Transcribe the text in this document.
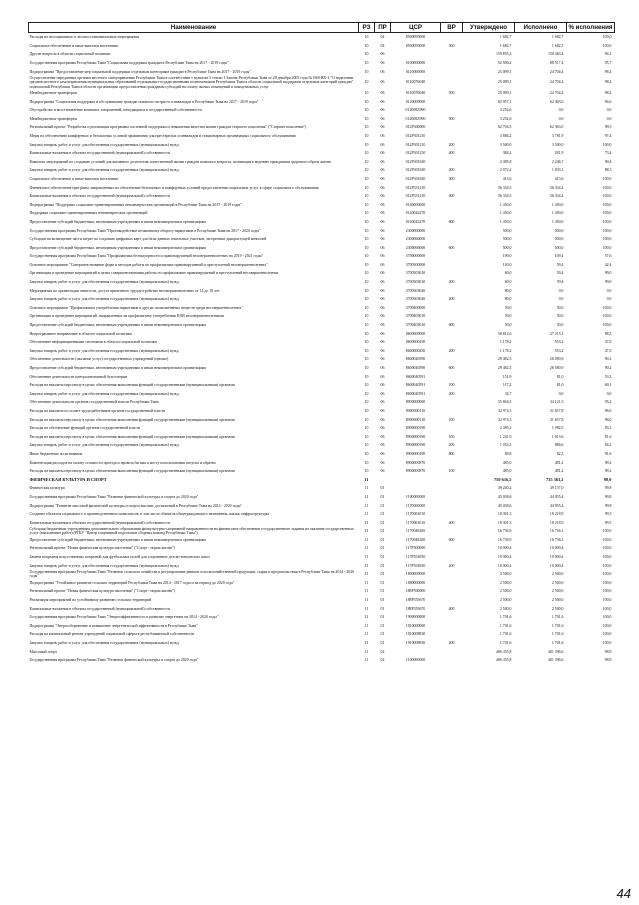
Наименование	РЗ	ПР	ЦСР	ВР	Утверждено	Исполнено	% исполнения
Расходы на несоциальные и лесовосстановительные мероприятия	10	04	8500095000		1 682,7	1 682,7	100,0
Социальное обеспечение и иные выплаты населению	10	04	8500095000	300	1 682,7	1 682,7	100,0
Другие вопросы в области социальной политики	10	06			159 853,3	150 463,4	94,1
Государственная программа Республики Тыва "Социальная поддержка граждан в Республике Тыва на 2017 - 2019 годы"	10	06	0100000000		92 506,2	88 517,4	95,7
Подпрограмма "Предоставление мер социальной поддержки отдельным категориям граждан в Республике Тыва на 2017 - 2019 годы"	10	06	0110000000		25 099,1	24 704,4	98,4
Осуществление переданных органам местного самоуправления Республики Тыва в соответствии с пунктом 3 статьи 1 Закона Республики Тыва от 28 декабря 2005 года №1560 ВХ-1 "О наделении органов местного самоуправления муниципальных образований отдельными государственными полномочиями Республики Тыва в области социальной поддержки отдельных категорий граждан" полномочий Республики Тыва в области организации предоставления гражданам субсидий на оплату жилых помещений и коммунальных услуг	10	06	0110076040		25 099,1	24 704,4	98,4
Межбюджетные трансферты	10	06	0110076040	500	25 099,1	24 704,4	98,4
Подпрограмма "Социальная поддержка и обслуживание граждан пожилого возраста и инвалидов в Республике Тыва на 2017 - 2019 годы"	10	06	0120000000		65 957,1	62 363,0	94,6
Обустройство и восстановление воинских захоронений, находящихся в государственной собственности	10	06	012008Z990		3 252,6	0,0	0,0
Межбюджетные трансферты	10	06	012008Z990	500	3 252,6	0,0	0,0
Региональный проект "Разработка и реализация программы системной поддержки и повышения качества жизни граждан старшего поколения" ("Старшее поколение")	10	06	012P300000		62 704,5	62 363,0	99,5
Меры по обеспечению комфортных и безопасных условий проживания для престарелых и инвалидов в стационарных организациях социального обслуживания	10	06	012P301210		3 884,2	3 781,9	97,4
Закупка товаров, работ и услуг для обеспечения государственных (муниципальных) нужд	10	06	012P301210	200	3 500,0	3 500,0	100,0
Капитальные вложения в объекты государственной (муниципальной) собственности	10	06	012P301210	400	384,2	281,9	73,4
Комплекс мероприятий по созданию условий для активного долголетия, качественной жизни граждан пожилого возраста, мотивации к ведению гражданами здорового образа жизни	10	06	012P301630		2 485,8	2 246,7	90,4
Закупка товаров, работ и услуг для обеспечения государственных (муниципальных) нужд	10	06	012P301630	200	2 072,2	1 833,1	88,5
Социальное обеспечение и иные выплаты населению	10	06	012P301630	300	413,6	413,6	100,0
Финансовое обеспечение программ, направленных на обеспечение безопасных и комфортных условий предоставления социальных услуг в сфере социального обслуживания	10	06	012P351210		56 334,5	56 334,4	100,0
Капитальные вложения в объекты государственной (муниципальной) собственности	10	06	012P351210	400	56 334,5	56 334,4	100,0
Подпрограмма "Поддержка социально-ориентированных некоммерческих организаций в Республике Тыва на 2017 - 2019 годы"	10	06	0140000000		1 450,0	1 450,0	100,0
Поддержка социально-ориентированных некоммерческих организаций	10	06	0140042270		1 450,0	1 450,0	100,0
Предоставление субсидий бюджетным, автономным учреждениям и иным некоммерческим организациям	10	06	0140042270	600	1 450,0	1 450,0	100,0
Государственная программа Республики Тыва "Противодействие незаконному обороту наркотиков в Республике Тыва на 2017 - 2020 годы"	10	06	2300000000		500,0	500,0	100,0
Субсидии на возмещение части затрат по созданию цифровых карт для базы данных земельных участков, засоренных дикорастущей коноплей	10	06	2300066000		500,0	500,0	100,0
Предоставление субсидий бюджетным, автономным учреждениям и иным некоммерческим организациям	10	06	2300066000	600	500,0	500,0	100,0
Государственная программа Республики Тыва "Профилактика безнадзорности и правонарушений несовершеннолетних на 2019 - 2021 годы"	10	06	3700000000		190,0	109,4	57,6
Основное мероприятие "Совершенствование форм и методов работы по профилактике правонарушений и преступлений несовершеннолетних"	10	06	3700300000		140,0	59,4	42,4
Организация и проведение мероприятий в целях совершенствования работы по профилактике правонарушений и преступлений несовершеннолетних	10	06	3700303010		60,0	59,4	99,0
Закупка товаров, работ и услуг для обеспечения государственных (муниципальных) нужд	10	06	3700303010	200	60,0	59,4	99,0
Мероприятия по организации занятости, досуга временного трудоустройства несовершеннолетних от 14 до 18 лет	10	06	3700303040		80,0	0,0	0,0
Закупка товаров, работ и услуг для обеспечения государственных (муниципальных) нужд	10	06	3700303040	200	80,0	0,0	0,0
Основное мероприятие "Профилактика употребления наркотиков и других психоактивных веществ среди несовершеннолетних"	10	06	3700400000		50,0	50,0	100,0
Организация и проведение мероприятий, направленных на профилактику употребления ПАВ несовершеннолетними	10	06	3700403010		50,0	50,0	100,0
Предоставление субсидий бюджетным, автономным учреждениям и иным некоммерческим организациям	10	06	3700403010	600	50,0	50,0	100,0
Непрограммное направление в области социальной политики	10	06	8600000000		30 812,6	27 215,1	88,3
Обеспечение информационными системами в области социальной политики	10	06	8600000250		1 178,2	553,2	47,0
Закупка товаров, работ и услуг для обеспечения государственных (муниципальных) нужд	10	06	8600000250	200	1 178,2	553,2	47,0
Обеспечение деятельности (оказание услуг) государственных учреждений (прочие)	10	06	8600040590		29 482,5	26 580,9	90,2
Предоставление субсидий бюджетным, автономным учреждениям и иным некоммерческим организациям	10	06	8600040590	600	29 482,5	26 580,9	90,2
Обеспечение деятельности централизованной бухгалтерии	10	06	8600040591		151,9	81,0	53,3
Расходы на выплаты персоналу в целях обеспечения выполнения функций государственными (муниципальными) органами	10	06	8600040591	100	117,2	81,0	69,1
Закупка товаров, работ и услуг для обеспечения государственных (муниципальных) нужд	10	06	8600040591	200	34,7	0,0	0,0
Обеспечение деятельности органов государственной власти Республики Тыва	10	06	8900000000		35 844,5	34 121,5	95,2
Расходы на выплаты по оплате труда работников органов государственной власти	10	06	8900000110		32 974,3	31 657,8	96,0
Расходы на выплаты персоналу в целях обеспечения выполнения функций государственными (муниципальными) органами	10	06	8900000110	100	32 974,3	31 657,8	96,0
Расходы на обеспечение функций органов государственной власти	10	06	8900000190		2 385,2	1 982,5	83,1
Расходы на выплаты персоналу в целях обеспечения выполнения функций государственными (муниципальными) органами	10	06	8900000190	100	1 241,9	1 013,6	81,6
Закупка товаров, работ и услуг для обеспечения государственных (муниципальных) нужд	10	06	8900000190	200	1 053,5	886,6	84,2
Иные бюджетные ассигнования	10	06	8900000190	800	89,8	82,3	91,6
Компенсация расходов на оплату стоимости проезда и провоза багажа к месту использования отпуска и обратно	10	06	8900000870		485,0	481,2	99,2
Расходы на выплаты персоналу в целях обеспечения выполнения функций государственными (муниципальными) органами	10	06	8900000870	100	485,0	481,2	99,2
ФИЗИЧЕСКАЯ КУЛЬТУРА И СПОРТ	11				750 616,5	735 363,2	98,0
Физическая культура	11	01			49 240,2	49 157,0	99,8
Государственная программа Республики Тыва "Развитие физической культуры и спорта до 2020 года"	11	01	1100000000		45 038,6	44 955,4	99,8
Подпрограмма "Развитие массовой физической культуры и спорта высших достижений в Республике Тыва на 2014 - 2020 годы"	11	01	1170000000		45 038,6	44 955,4	99,8
Создание объектов социального и производственного комплексов, в том числе объектов общегражданского назначения, жилья, инфраструктуры	11	01	1170003010		18 301,3	18 218,9	99,5
Капитальные вложения в объекты государственной (муниципальной) собственности	11	01	1170003010	400	18 301,3	18 218,9	99,5
Субсидия бюджетным учреждениям дополнительного образования физкультурно-спортивной направленности на финансовое обеспечение государственного задания на оказание государственных услуг (выполнение работ) (РГБУ "Центр спортивной подготовки сборных команд Республики Тыва")	11	01	1170048200		16 736,9	16 736,1	100,0
Предоставление субсидий бюджетным, автономным учреждениям и иным некоммерческим организациям	11	01	1170048200	600	16 736,9	16 736,1	100,0
Региональный проект "Новая физическая культура населения" ("Спорт - норма жизни")	11	01	117Р500000		10 000,4	10 000,4	100,0
Замена покрытия искусственных покрытий для футбольных полей для спортивных детско-юношеских школ	11	01	117Р554950		10 000,4	10 000,4	100,0
Закупка товаров, работ и услуг для обеспечения государственных (муниципальных) нужд	11	01	117Р554950	200	10 000,4	10 000,4	100,0
Государственная программа Республики Тыва "Развитие сельского хозяйства и регулирование рынков сельскохозяйственной продукции, сырья и продовольствия в Республике Тыва на 2014 - 2020 годы"	11	01	1800000000		2 500,0	2 500,0	100,0
Подпрограмма "Устойчивое развитие сельских территорий Республики Тыва на 2014 - 2017 годы и на период до 2020 года"	11	01	1880000000		2 500,0	2 500,0	100,0
Региональный проект "Новая физическая культура населения" ("Спорт - норма жизни")	11	01	188Р500000		2 500,0	2 500,0	100,0
Реализация мероприятий по устойчивому развитию сельских территорий	11	01	188Р555670		2 500,0	2 500,0	100,0
Капитальные вложения в объекты государственной (муниципальной) собственности	11	01	188Р555670	400	2 500,0	2 500,0	100,0
Государственная программа Республики Тыва "Энергоэффективность и развитие энергетики на 2014 - 2020 годы"	11	01	1900000000		1 701,6	1 701,6	100,0
Подпрограмма "Энергосбережение и повышение энергетической эффективности в Республике Тыва"	11	01	1910000000		1 701,6	1 701,6	100,0
Расходы на капитальный ремонт учреждений социальной сферы в республиканской собственности	11	01	1910008830		1 701,6	1 701,6	100,0
Закупка товаров, работ и услуг для обеспечения государственных (муниципальных) нужд	11	01	1910008830	200	1 701,6	1 701,6	100,0
Массовый спорт	11	02			406 455,8	401 396,6	98,8
Государственная программа Республики Тыва "Развитие физической культуры и спорта до 2020 года"	11	02	1100000000		406 455,8	401 396,6	98,8
44
